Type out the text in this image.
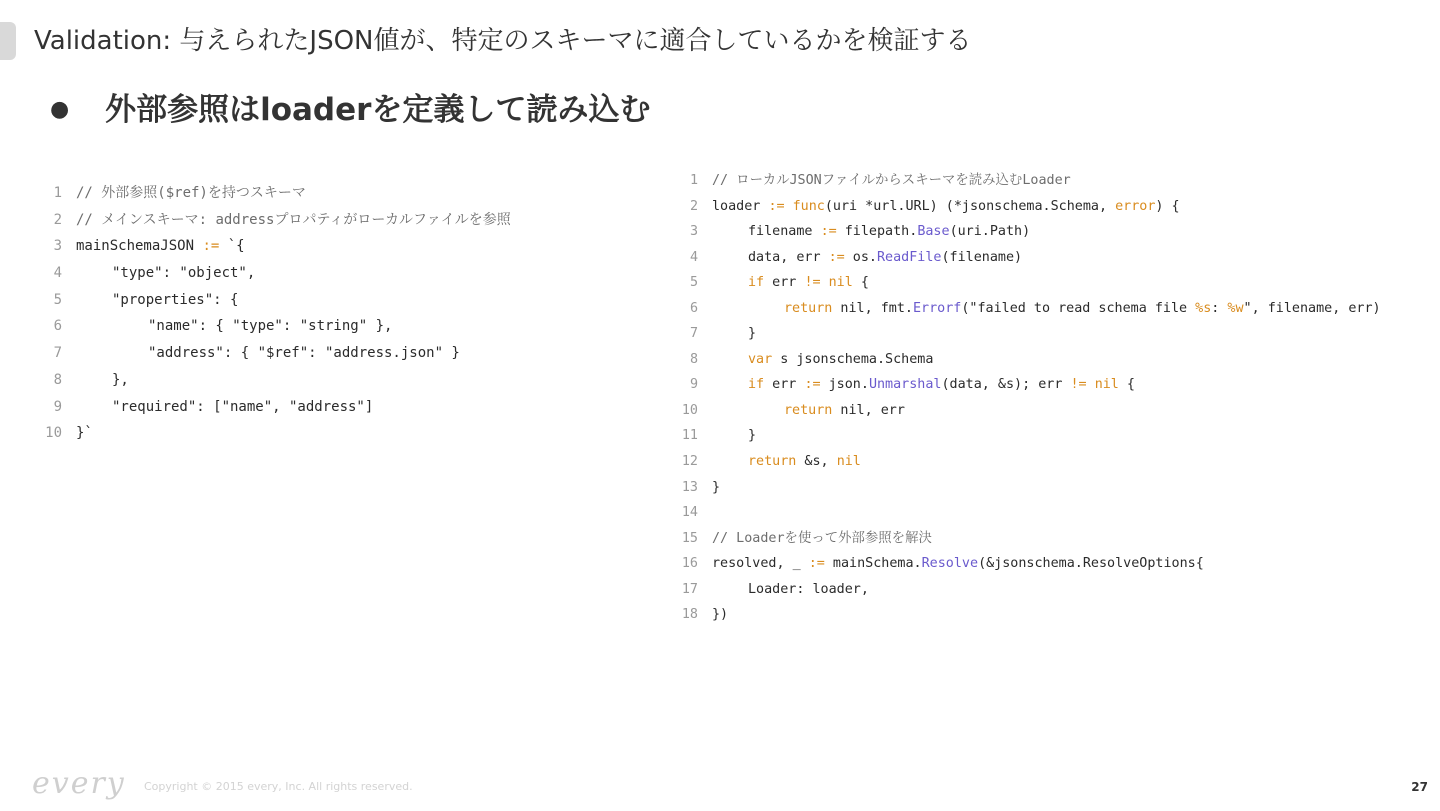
Validation: 与えられたJSON値が、特定のスキーマに適合しているかを検証する
● 外部参照はloaderを定義して読み込む
1 // 外部参照($ref)を持つスキーマ
2 // メインスキーマ: addressプロパティがローカルファイルを参照
3 mainSchemaJSON := `{
4	"type": "object",
5	"properties": {
6	"name": { "type": "string" },
7	"address": { "$ref": "address.json" }
8	},
9	"required": ["name", "address"]
10 }`
1 // ローカルJSONファイルからスキーマを読み込むLoader
2 loader := func(uri *url.URL) (*jsonschema.Schema, error) {
3	filename := filepath.Base(uri.Path)
4	data, err := os.ReadFile(filename)
5	if err != nil {
6	return nil, fmt.Errorf("failed to read schema file %s: %w", filename, err)
7	}
8	var s jsonschema.Schema
9	if err := json.Unmarshal(data, &s); err != nil {
10	return nil, err
11	}
12	return &s, nil
13 }
14
15 // Loaderを使って外部参照を解決
16 resolved, _ := mainSchema.Resolve(&jsonschema.ResolveOptions{
17	Loader: loader,
18 })
every Copyright © 2015 every, Inc. All rights reserved.	27
